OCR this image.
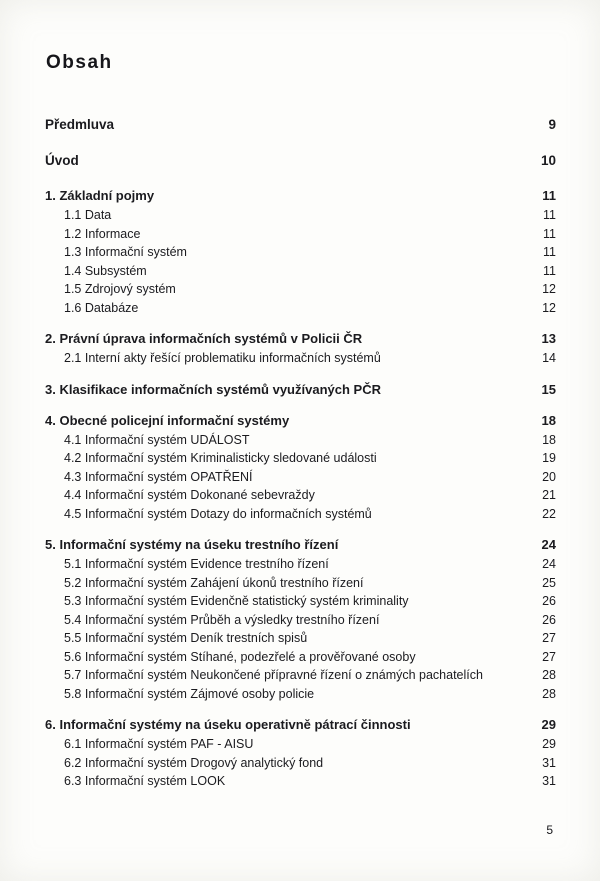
Obsah
Předmluva	9
Úvod	10
1. Základní pojmy	11
1.1 Data	11
1.2 Informace	11
1.3 Informační systém	11
1.4 Subsystém	11
1.5 Zdrojový systém	12
1.6 Databáze	12
2. Právní úprava informačních systémů v Policii ČR	13
2.1 Interní akty řešící problematiku informačních systémů	14
3. Klasifikace informačních systémů využívaných PČR	15
4. Obecné policejní informační systémy	18
4.1 Informační systém UDÁLOST	18
4.2 Informační systém Kriminalisticky sledované události	19
4.3 Informační systém OPATŘENÍ	20
4.4 Informační systém Dokonané sebevraždy	21
4.5 Informační systém Dotazy do informačních systémů	22
5. Informační systémy na úseku trestního řízení	24
5.1 Informační systém Evidence trestního řízení	24
5.2 Informační systém Zahájení úkonů trestního řízení	25
5.3 Informační systém Evidenčně statistický systém kriminality	26
5.4 Informační systém Průběh a výsledky trestního řízení	26
5.5 Informační systém Deník trestních spisů	27
5.6 Informační systém Stíhané, podezřelé a prověřované osoby	27
5.7 Informační systém Neukončené přípravné řízení o známých pachatelích	28
5.8 Informační systém Zájmové osoby policie	28
6. Informační systémy na úseku operativně pátrací činnosti	29
6.1 Informační systém PAF - AISU	29
6.2 Informační systém Drogový analytický fond	31
6.3 Informační systém LOOK	31
5
